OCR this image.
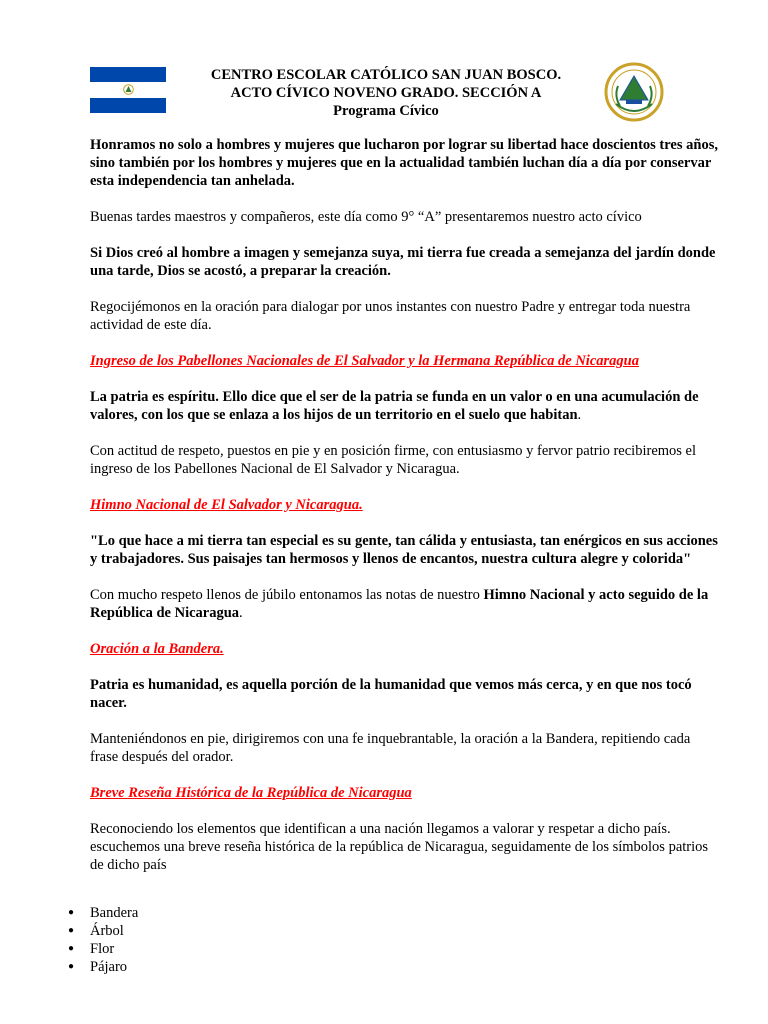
CENTRO ESCOLAR CATÓLICO SAN JUAN BOSCO.
ACTO CÍVICO NOVENO GRADO. SECCIÓN A
Programa Cívico

Honramos no solo a hombres y mujeres que lucharon por lograr su libertad hace doscientos tres años, sino también por los hombres y mujeres que en la actualidad también luchan día a día por conservar esta independencia tan anhelada.

Buenas tardes maestros y compañeros, este día como 9° “A” presentaremos nuestro acto cívico

Si Dios creó al hombre a imagen y semejanza suya, mi tierra fue creada a semejanza del jardín donde una tarde, Dios se acostó, a preparar la creación.

Regocijémonos en la oración para dialogar por unos instantes con nuestro Padre y entregar toda nuestra actividad de este día.

Ingreso de los Pabellones Nacionales de El Salvador y la Hermana República de Nicaragua

La patria es espíritu. Ello dice que el ser de la patria se funda en un valor o en una acumulación de valores, con los que se enlaza a los hijos de un territorio en el suelo que habitan.

Con actitud de respeto, puestos en pie y en posición firme, con entusiasmo y fervor patrio recibiremos el ingreso de los Pabellones Nacional de El Salvador y Nicaragua.

Himno Nacional de El Salvador y Nicaragua.

"Lo que hace a mi tierra tan especial es su gente, tan cálida y entusiasta, tan enérgicos en sus acciones y trabajadores. Sus paisajes tan hermosos y llenos de encantos, nuestra cultura alegre y colorida"

Con mucho respeto llenos de júbilo entonamos las notas de nuestro Himno Nacional y acto seguido de la República de Nicaragua.

Oración a la Bandera.

Patria es humanidad, es aquella porción de la humanidad que vemos más cerca, y en que nos tocó nacer.

Manteniéndonos en pie, dirigiremos con una fe inquebrantable, la oración a la Bandera, repitiendo cada frase después del orador.

Breve Reseña Histórica de la República de Nicaragua

Reconociendo los elementos que identifican a una nación llegamos a valorar y respetar a dicho país. escuchemos una breve reseña histórica de la república de Nicaragua, seguidamente de los símbolos patrios de dicho país

● Bandera
● Árbol
● Flor
● Pájaro
